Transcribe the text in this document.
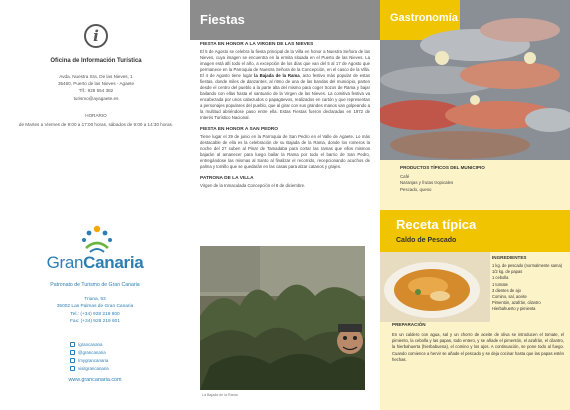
i
Oficina de Información Turística
Avda. Nuestra Sra. De las Nieves, 1
35460, Puerto de las Nieves - Agaete
Tlf.: 928 554 382
turismo@ayagaete.es
HORARIO
de Martes a Viernes de 9:00 a 17:00 horas, sábados de 9:00 a 14:30 horas.
GranCanaria
Patronato de Turismo de Gran Canaria
Triana, 93
35002 Las Palmas de Gran Canaria
Tel.: (+34) 928 219 600
Fax: (+34) 928 219 601
/grancanaria
@grancanaria
/mygrancanaria
visitgrancanaria
www.grancanaria.com
Fiestas
FIESTA EN HONOR A LA VIRGEN DE LAS NIEVES

El 5 de Agosto se celebra la fiesta principal de la Villa en honor a Nuestra Señora de las Nieves, cuya imagen se encuentra en la ermita situada en el Puerto de las Nieves. La imagen está allí todo el año, a excepción de los días que van del 5 al 17 de Agosto que permanece en la Parroquia de Nuestra Señora de la Concepción, en el casco de la Villa. El 4 de Agosto tiene lugar la Bajada de la Rama, acto festivo más popular de estas fiestas, donde miles de danzantes, al ritmo de una de las bandas del municipio, parten desde el centro del pueblo a la parte alta del mismo para coger trozos de Rama y bajar bailando con ellas hasta el santuario de la Virgen de las Nieves. La comitiva festiva va encabezada por unos cabezudos o papagüevos, realizados en cartón y que representan a personajes populares del pueblo, que al girar con sus grandes manos van golpeando a la multitud abriéndose paso entre ella. Estas Fiestas fueron declaradas en 1972 de Interés Turístico Nacional.

FIESTA EN HONOR A SAN PEDRO

Tiene lugar el 29 de junio en la Parroquia de San Pedro en el Valle de Agaete. Lo más destacable de ella es la celebración de su Bajada de la Rama, donde los romeros la noche del 27 suben al Pinar de Tamadaba para cortar las ramas que ellos mismos bajarán al amanecer para luego bailar la Rama por todo el barrio de San Pedro, entregándose las mismas al Santo al finalizar el recorrido, recepcionando acuchos de palma y tomillo que se quedarán en las casas para alzar catanos y grajes.

PATRONA DE LA VILLA

Virgen de la Inmaculada Concepción el 8 de diciembre.

La Bajada de la Rama
Gastronomía
PRODUCTOS TÍPICOS DEL MUNICIPIO
Café
Naranjas y frutas tropicales
Pescado, queso
Receta típica
Caldo de Pescado
INGREDIENTES
1 kg. de pescado (normalmente sama)
1/2 kg. de papas
1 cebolla
1 tomate
3 dientes de ajo
Comino, sal, aceite
Pimentón, azafrán, cilantro
Hierbahuerto y pimienta
PREPARACIÓN

En un caldero con agua, sal y un chorro de aceite de oliva se introducen el tomate, el pimiento, la cebolla y las papas, todo entero, y se añade el pimentón, el azafrán, el cilantro, la hierbahuerta (hierbabuena), el comino y los ajos. A continuación, se pone todo al fuego. Cuando comience a hervir se añade el pescado y se deja cocinar hasta que las papas estén hechas.
